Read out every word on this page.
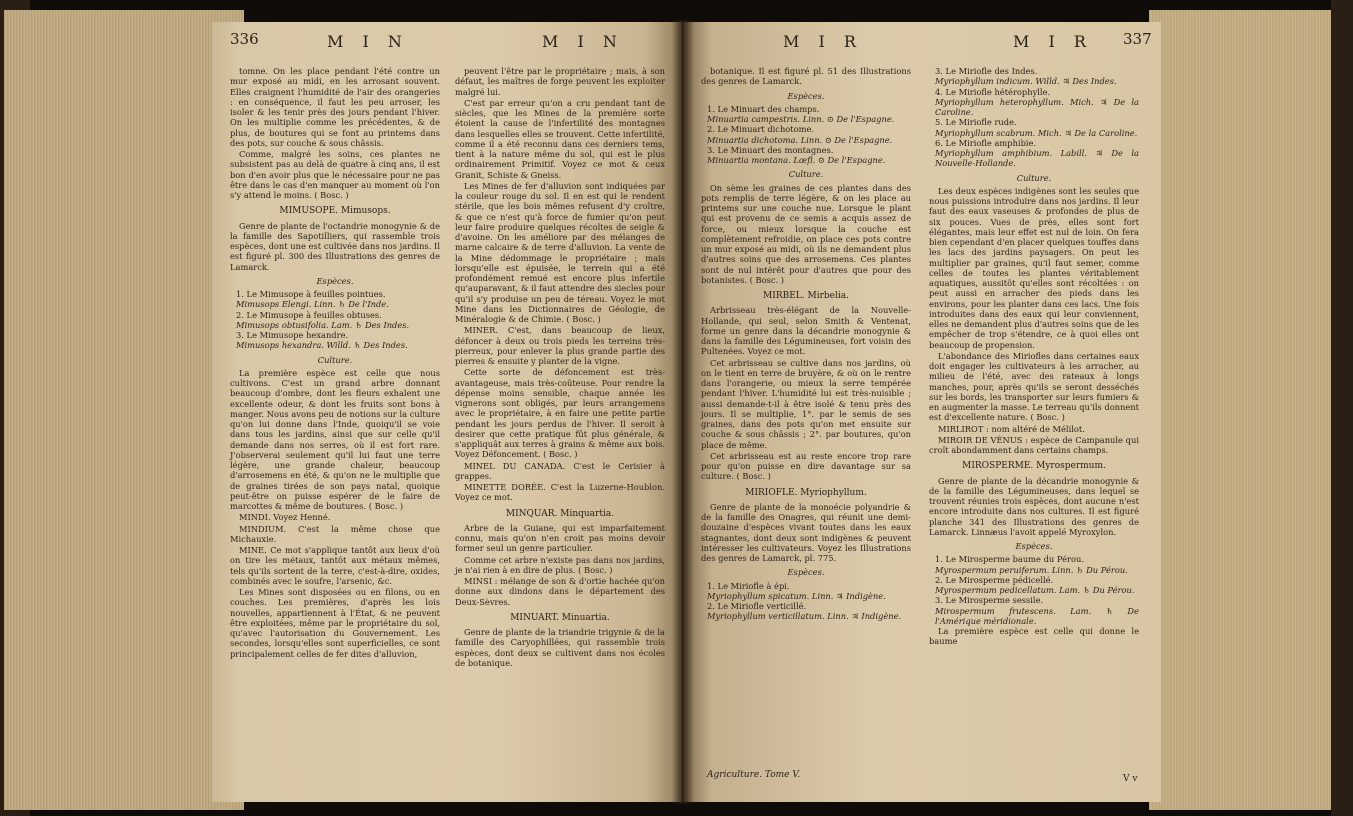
336	M I N	M I N

tomne. On les place pendant l'été contre un mur exposé au midi, en les arrosant souvent. Elles craignent l'humidité de l'air des orangeries : en conséquence, il faut les peu arroser, les isoler & les tenir près des jours pendant l'hiver. On les multiplie comme les précédentes, & de plus, de boutures qui se font au printems dans des pots, sur couche & sous châssis.

Comme, malgré les soins, ces plantes ne subsistent pas au delà de quatre à cinq ans, il est bon d'en avoir plus que le nécessaire pour ne pas être dans le cas d'en manquer au moment où l'on s'y attend le moins. ( Bosc. )

MIMUSOPE. Mimusops.

Genre de plante de l'octandrie monogynie & de la famille des Sapotilliers, qui rassemble trois espèces, dont une est cultivée dans nos jardins. Il est figuré pl. 300 des Illustrations des genres de Lamarck.

Espèces.

1. Le Mimusope à feuilles pointues.

Mimusops Elengi. Linn. ♄ De l'Inde.

2. Le Mimusope à feuilles obtuses.

Mimusops obtusifolia. Lam. ♄ Des Indes.

3. Le Mimusope hexandre.

Mimusops hexandra. Willd. ♄ Des Indes.

Culture.

La première espèce est celle que nous cultivons. C'est un grand arbre donnant beaucoup d'ombre, dont les fleurs exhalent une excellente odeur, & dont les fruits sont bons à manger. Nous avons peu de notions sur la culture qu'on lui donne dans l'Inde, quoiqu'il se voie dans tous les jardins, ainsi que sur celle qu'il demande dans nos serres, où il est fort rare. J'observerai seulement qu'il lui faut une terre légère, une grande chaleur, beaucoup d'arrosemens en été, & qu'on ne le multiplie que de graines tirées de son pays natal, quoique peut-être on puisse espérer de le faire de marcottes & même de boutures. ( Bosc. )

MINDI. Voyez Henné.

MINDIUM. C'est la même chose que Michauxie.

MINE. Ce mot s'applique tantôt aux lieux d'où on tire les métaux, tantôt aux métaux mêmes, tels qu'ils sortent de la terre, c'est-à-dire, oxides, combinés avec le soufre, l'arsenic, &c.

Les Mines sont disposées ou en filons, ou en couches. Les premières, d'après les lois nouvelles, appartiennent à l'État, & ne peuvent être exploitées, même par le propriétaire du sol, qu'avec l'autorisation du Gouvernement. Les secondes, lorsqu'elles sont superficielles, ce sont principalement celles de fer dites d'alluvion,

peuvent l'être par le propriétaire ; mais, à son défaut, les maîtres de forge peuvent les exploiter malgré lui.

C'est par erreur qu'on a cru pendant tant de siècles, que les Mines de la première sorte étoient la cause de l'infertilité des montagnes dans lesquelles elles se trouvent. Cette infertilité, comme il a été reconnu dans ces derniers tems, tient à la nature même du sol, qui est le plus ordinairement Primitif. Voyez ce mot & ceux Granit, Schiste & Gneiss.

Les Mines de fer d'alluvion sont indiquées par la couleur rouge du sol. Il en est qui le rendent stérile, que les bois mêmes refusent d'y croître, & que ce n'est qu'à force de fumier qu'on peut leur faire produire quelques récoltes de seigle & d'avoine. On les améliore par des mélanges de marne calcaire & de terre d'alluvion. La vente de la Mine dédommage le propriétaire ; mais lorsqu'elle est épuisée, le terrein qui a été profondément remué est encore plus infertile qu'auparavant, & il faut attendre des siecles pour qu'il s'y produise un peu de téreau. Voyez le mot Mine dans les Dictionnaires de Géologie, de Minéralogie & de Chimie. ( Bosc. )

MINER. C'est, dans beaucoup de lieux, défoncer à deux ou trois pieds les terreins très-pierreux, pour enlever la plus grande partie des pierres & ensuite y planter de la vigne.

Cette sorte de défoncement est très-avantageuse, mais très-coûteuse. Pour rendre la dépense moins sensible, chaque année les vignerons sont obligés, par leurs arrangemens avec le propriétaire, à en faire une petite partie pendant les jours perdus de l'hiver. Il seroit à desirer que cette pratique fût plus générale, & s'appliquât aux terres à grains & même aux bois. Voyez Défoncement. ( Bosc. )

MINEL DU CANADA. C'est le Cerisier à grappes.

MINETTE DORÉE. C'est la Luzerne-Houblon. Voyez ce mot.

MINQUAR. Minquartia.

Arbre de la Guiane, qui est imparfaitement connu, mais qu'on n'en croit pas moins devoir former seul un genre particulier.

Comme cet arbre n'existe pas dans nos jardins, je n'ai rien à en dire de plus. ( Bosc. )

MINSI : mélange de son & d'ortie hachée qu'on donne aux dindons dans le département des Deux-Sèvres.

MINUART. Minuartia.

Genre de plante de la triandrie trigynie & de la famille des Caryophillées, qui rassemble trois espèces, dont deux se cultivent dans nos écoles de botanique.

M I R	M I R 337

botanique. Il est figuré pl. 51 des Illustrations des genres de Lamarck.

Espèces.

1. Le Minuart des champs.

Minuartia campestris. Linn. ⊙ De l'Espagne.

2. Le Minuart dichotome.

Minuartia dichotoma. Linn. ⊙ De l'Espagne.

3. Le Minuart des montagnes.

Minuartia montana. Lœfl. ⊙ De l'Espagne.

Culture.

On sème les graines de ces plantes dans des pots remplis de terre légère, & on les place au printems sur une couche nue. Lorsque le plant qui est provenu de ce semis a acquis assez de force, ou mieux lorsque la couche est complètement refroidie, on place ces pots contre un mur exposé au midi, où ils ne demandent plus d'autres soins que des arrosemens. Ces plantes sont de nul intérêt pour d'autres que pour des botanistes. ( Bosc. )

MIRBEL. Mirbelia.

Arbrisseau très-élégant de la Nouvelle-Hollande, qui seul, selon Smith & Ventenat, forme un genre dans la décandrie monogynie & dans la famille des Légumineuses, fort voisin des Pultenées. Voyez ce mot.

Cet arbrisseau se cultive dans nos jardins, où on le tient en terre de bruyère, & où on le rentre dans l'orangerie, ou mieux la serre tempérée pendant l'hiver. L'humidité lui est très-nuisible ; aussi demande-t-il à être isolé & tenu près des jours. Il se multiplie, 1°. par le semis de ses graines, dans des pots qu'on met ensuite sur couche & sous châssis ; 2°. par boutures, qu'on place de même.

Cet arbrisseau est au reste encore trop rare pour qu'on puisse en dire davantage sur sa culture. ( Bosc. )

MIRIOFLE. Myriophyllum.

Genre de plante de la monoécie polyandrie & de la famille des Onagres, qui réunit une demi-douzaine d'espèces vivant toutes dans les eaux stagnantes, dont deux sont indigènes & peuvent intéresser les cultivateurs. Voyez les Illustrations des genres de Lamarck, pl. 775.

Espèces.

1. Le Miriofle à épi.

Myriophyllum spicatum. Linn. ♃ Indigène.

2. Le Miriofle verticillé.

Myriophyllum verticillatum. Linn. ♃ Indigène.

3. Le Miriofle des Indes.

Myriophyllum indicum. Willd. ♃ Des Indes.

4. Le Miriofle hétérophylle.

Myriophyllum heterophyllum. Mich. ♃ De la Caroline.

5. Le Miriofle rude.

Myriophyllum scabrum. Mich. ♃ De la Caroline.

6. Le Miriofle amphibie.

Myriophyllum amphibium. Labill. ♃ De la Nouvelle-Hollande.

Culture.

Les deux espèces indigènes sont les seules que nous puissions introduire dans nos jardins. Il leur faut des eaux vaseuses & profondes de plus de six pouces. Vues de près, elles sont fort élégantes, mais leur effet est nul de loin. On fera bien cependant d'en placer quelques touffes dans les lacs des jardins paysagers. On peut les multiplier par graines, qu'il faut semer, comme celles de toutes les plantes véritablement aquatiques, aussitôt qu'elles sont récoltées : on peut aussi en arracher des pieds dans les environs, pour les planter dans ces lacs. Une fois introduites dans des eaux qui leur conviennent, elles ne demandent plus d'autres soins que de les empêcher de trop s'étendre, ce à quoi elles ont beaucoup de propension.

L'abondance des Miriofles dans certaines eaux doit engager les cultivateurs à les arracher, au milieu de l'été, avec des rateaux à longs manches, pour, après qu'ils se seront desséchés sur les bords, les transporter sur leurs fumiers & en augmenter la masse. Le terreau qu'ils donnent est d'excellente nature. ( Bosc. )

MIRLIROT : nom altéré de Mélilot.

MIROIR DE VÉNUS : espèce de Campanule qui croît abondamment dans certains champs.

MIROSPERME. Myrospermum.

Genre de plante de la décandrie monogynie & de la famille des Légumineuses, dans lequel se trouvent réunies trois espèces, dont aucune n'est encore introduite dans nos cultures. Il est figuré planche 341 des Illustrations des genres de Lamarck. Linnæus l'avoit appelé Myroxylon.

Espèces.

1. Le Mirosperme baume du Pérou.

Myrospermum peruiferum. Linn. ♄ Du Pérou.

2. Le Mirosperme pédicellé.

Myrospermum pedicellatum. Lam. ♄ Du Pérou.

3. Le Mirosperme sessile.

Mirospermum frutescens. Lam. ♄ De l'Amérique méridionale.

La première espèce est celle qui donne le baume

Agriculture. Tome V.	V v
